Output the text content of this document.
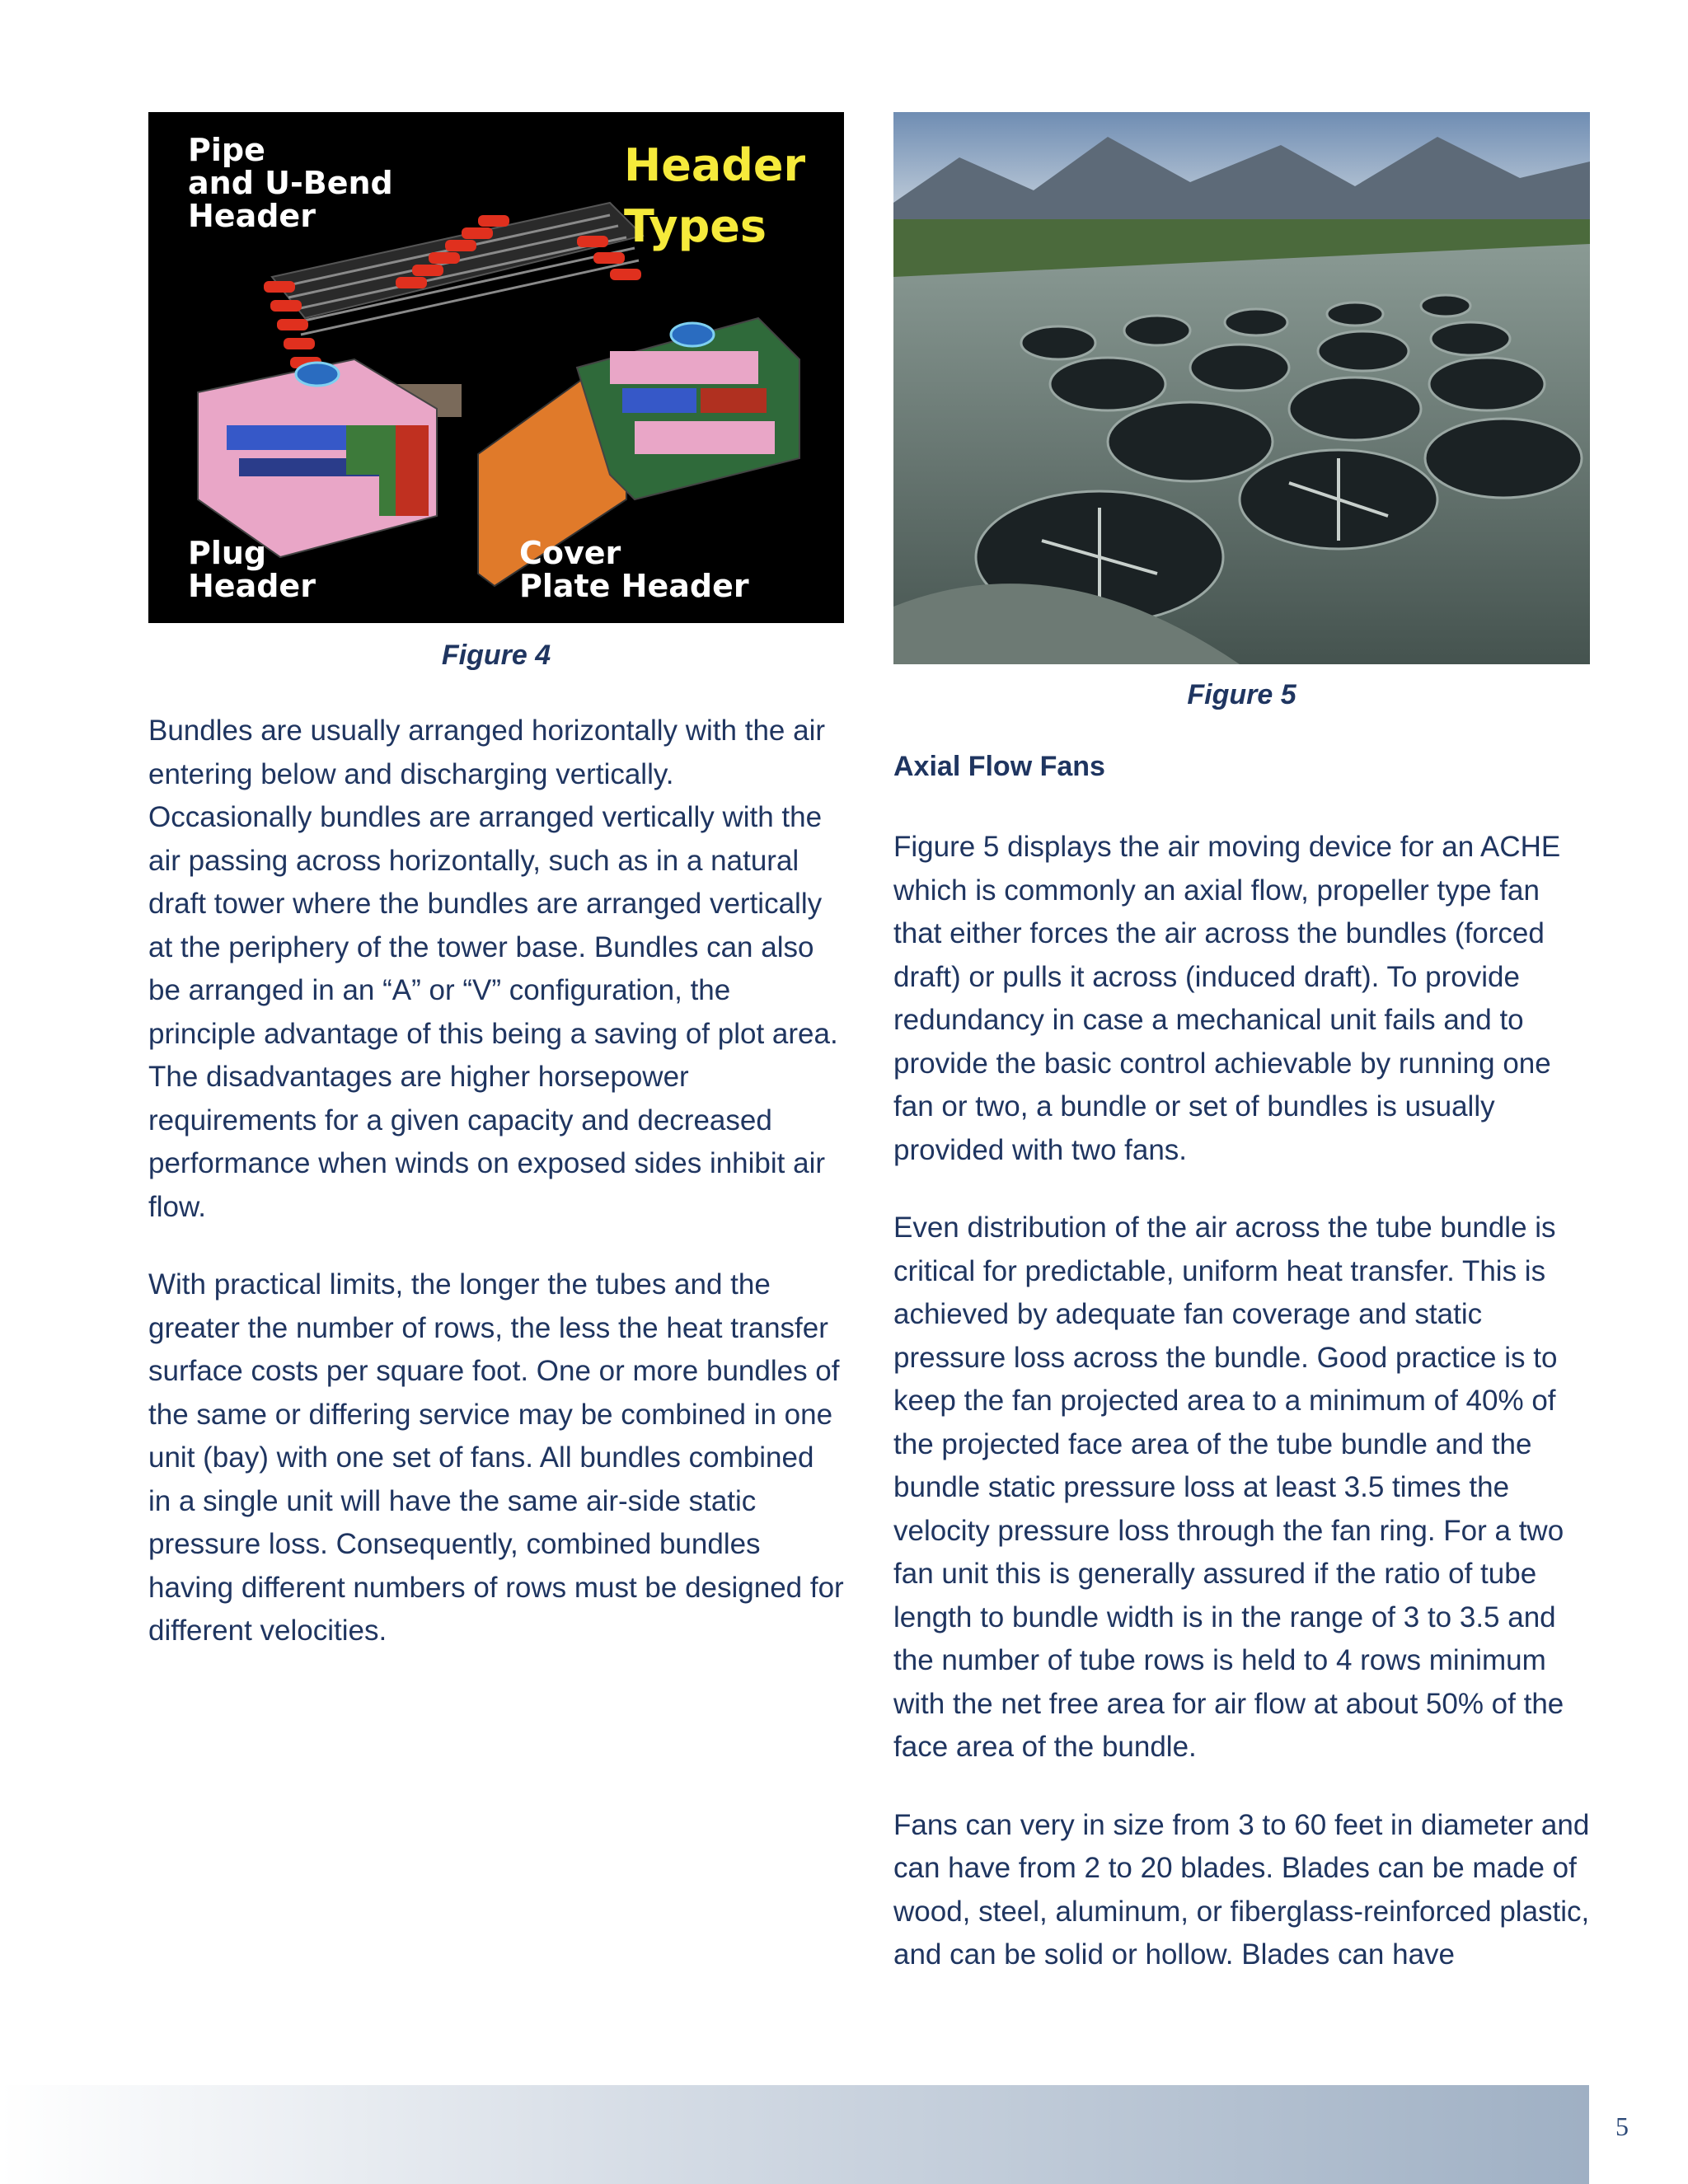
Pipe
and U-Bend
Header
Header
Types
Plug
Header
Cover
Plate Header
Figure 4

Bundles are usually arranged horizontally with the air entering below and discharging vertically. Occasionally bundles are arranged vertically with the air passing across horizontally, such as in a natural draft tower where the bundles are arranged vertically at the periphery of the tower base. Bundles can also be arranged in an “A” or “V” configuration, the principle advantage of this being a saving of plot area. The disadvantages are higher horsepower requirements for a given capacity and decreased performance when winds on exposed sides inhibit air flow.

With practical limits, the longer the tubes and the greater the number of rows, the less the heat transfer surface costs per square foot. One or more bundles of the same or differing service may be combined in one unit (bay) with one set of fans. All bundles combined in a single unit will have the same air-side static pressure loss. Consequently, combined bundles having different numbers of rows must be designed for different velocities.

Figure 5
Axial Flow Fans

Figure 5 displays the air moving device for an ACHE which is commonly an axial flow, propeller type fan that either forces the air across the bundles (forced draft) or pulls it across (induced draft). To provide redundancy in case a mechanical unit fails and to provide the basic control achievable by running one fan or two, a bundle or set of bundles is usually provided with two fans.

Even distribution of the air across the tube bundle is critical for predictable, uniform heat transfer. This is achieved by adequate fan coverage and static pressure loss across the bundle. Good practice is to keep the fan projected area to a minimum of 40% of the projected face area of the tube bundle and the bundle static pressure loss at least 3.5 times the velocity pressure loss through the fan ring. For a two fan unit this is generally assured if the ratio of tube length to bundle width is in the range of 3 to 3.5 and the number of tube rows is held to 4 rows minimum with the net free area for air flow at about 50% of the face area of the bundle.

Fans can very in size from 3 to 60 feet in diameter and can have from 2 to 20 blades. Blades can be made of wood, steel, aluminum, or fiberglass-reinforced plastic, and can be solid or hollow. Blades can have

5
